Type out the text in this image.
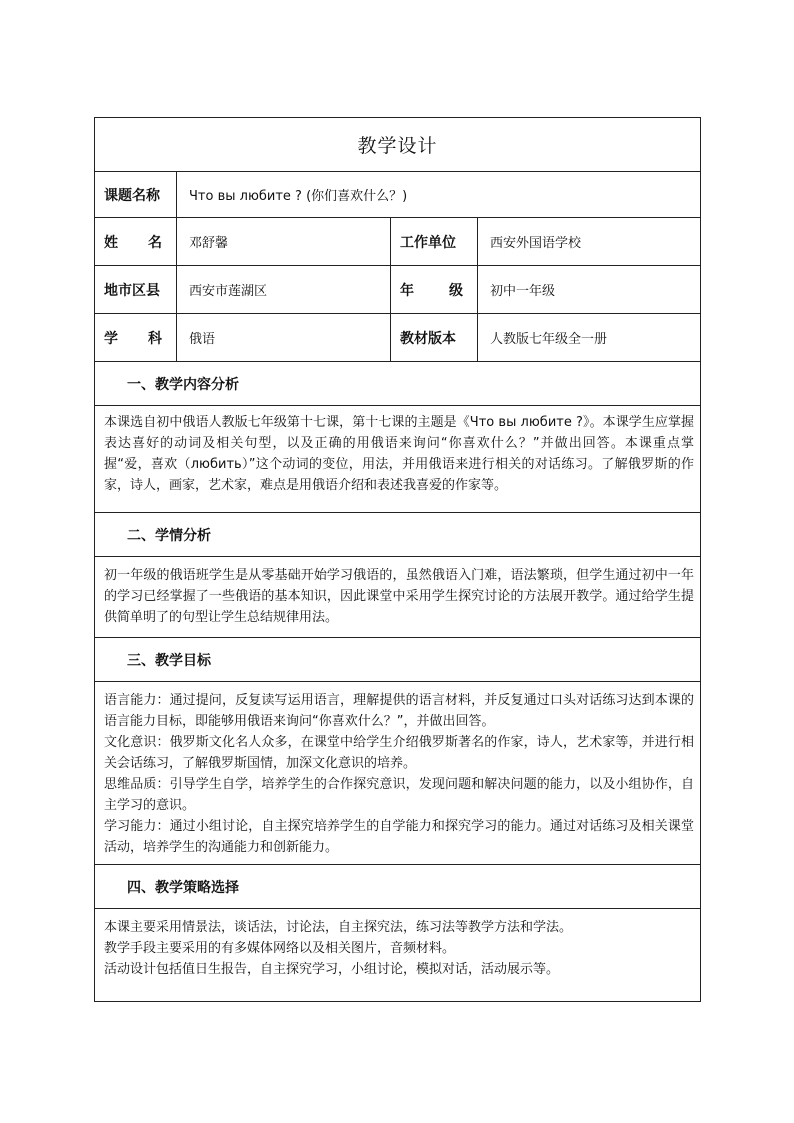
教学设计			
课题名称	Что вы любите ? (你们喜欢什么？)		

姓 名	邓舒馨	工作单位	西安外国语学校
地市区县	西安市莲湖区	年 级	初中一年级

学 科	俄语	教材版本	人教版七年级全一册
一、教学内容分析			

本课选自初中俄语人教版七年级第十七课，第十七课的主题是《Что вы любите ?》。本课学生应掌握表达喜好的动词及相关句型，以及正确的用俄语来询问“你喜欢什么？”并做出回答。本课重点掌握“爱，喜欢（любить）”这个动词的变位，用法，并用俄语来进行相关的对话练习。了解俄罗斯的作家，诗人，画家，艺术家，难点是用俄语介绍和表述我喜爱的作家等。			

二、学情分析			

初一年级的俄语班学生是从零基础开始学习俄语的，虽然俄语入门难，语法繁琐，但学生通过初中一年的学习已经掌握了一些俄语的基本知识，因此课堂中采用学生探究讨论的方法展开教学。通过给学生提供简单明了的句型让学生总结规律用法。			

三、教学目标			

语言能力：通过提问，反复读写运用语言，理解提供的语言材料，并反复通过口头对话练习达到本课的语言能力目标，即能够用俄语来询问“你喜欢什么？”，并做出回答。

文化意识：俄罗斯文化名人众多，在课堂中给学生介绍俄罗斯著名的作家，诗人，艺术家等，并进行相关会话练习，了解俄罗斯国情，加深文化意识的培养。

思维品质：引导学生自学，培养学生的合作探究意识，发现问题和解决问题的能力，以及小组协作，自主学习的意识。

学习能力：通过小组讨论，自主探究培养学生的自学能力和探究学习的能力。通过对话练习及相关课堂活动，培养学生的沟通能力和创新能力。			

四、教学策略选择			

本课主要采用情景法，谈话法，讨论法，自主探究法，练习法等教学方法和学法。

教学手段主要采用的有多媒体网络以及相关图片，音频材料。

活动设计包括值日生报告，自主探究学习，小组讨论，模拟对话，活动展示等。			
